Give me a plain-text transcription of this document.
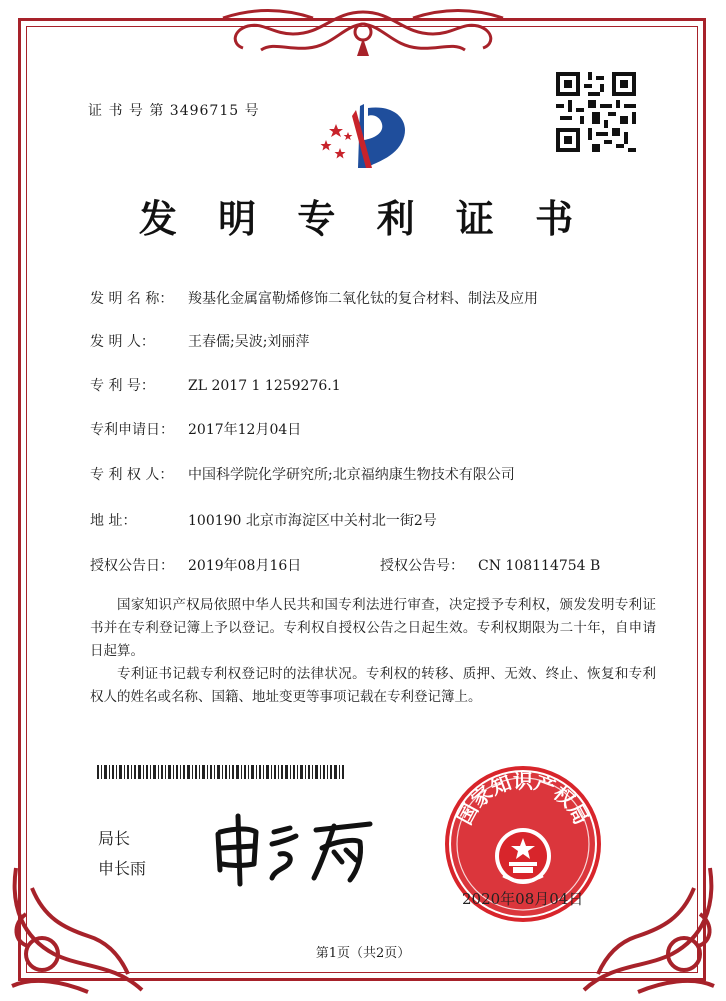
证 书 号 第 3496715 号
发 明 专 利 证 书
发 明 名 称： 羧基化金属富勒烯修饰二氧化钛的复合材料、制法及应用
发 明 人： 王春儒;吴波;刘丽萍
专 利 号： ZL 2017 1 1259276.1
专利申请日： 2017年12月04日
专 利 权 人： 中国科学院化学研究所;北京福纳康生物技术有限公司
地 址：	100190 北京市海淀区中关村北一街2号
授权公告日： 2019年08月16日	授权公告号： CN 108114754 B

国家知识产权局依照中华人民共和国专利法进行审查，决定授予专利权，颁发发明专利证书并在专利登记簿上予以登记。专利权自授权公告之日起生效。专利权期限为二十年，自申请日起算。

专利证书记载专利权登记时的法律状况。专利权的转移、质押、无效、终止、恢复和专利权人的姓名或名称、国籍、地址变更等事项记载在专利登记簿上。

局长
申长雨
国家知识产权局
2020年08月04日
第1页（共2页）
